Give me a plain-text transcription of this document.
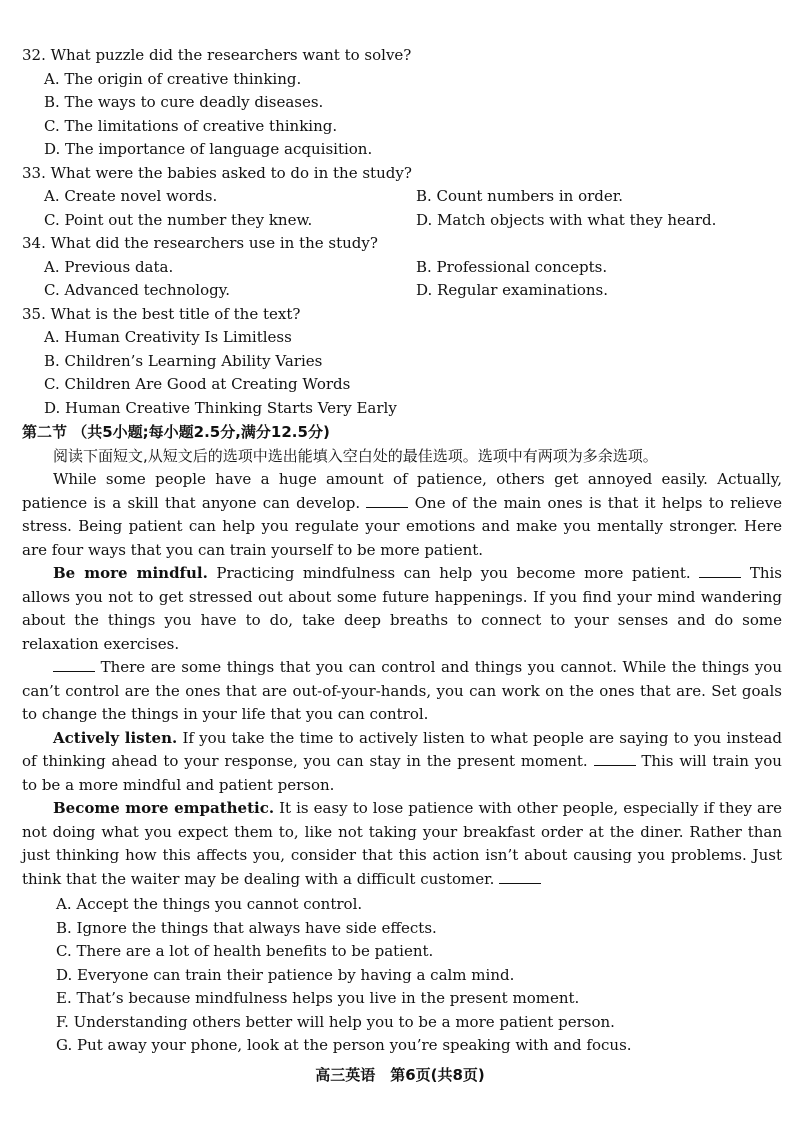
32. What puzzle did the researchers want to solve?
A. The origin of creative thinking.
B. The ways to cure deadly diseases.
C. The limitations of creative thinking.
D. The importance of language acquisition.
33. What were the babies asked to do in the study?
A. Create novel words.	B. Count numbers in order.
C. Point out the number they knew.	D. Match objects with what they heard.
34. What did the researchers use in the study?
A. Previous data.	B. Professional concepts.
C. Advanced technology.	D. Regular examinations.
35. What is the best title of the text?
A. Human Creativity Is Limitless
B. Children’s Learning Ability Varies
C. Children Are Good at Creating Words
D. Human Creative Thinking Starts Very Early
第二节 （共5小题;每小题2.5分,满分12.5分)
阅读下面短文,从短文后的选项中选出能填入空白处的最佳选项。选项中有两项为多余选项。
While some people have a huge amount of patience, others get annoyed easily. Actually, patience is a skill that anyone can develop.	One of the main ones is that it helps to relieve stress. Being patient can help you regulate your emotions and make you mentally stronger. Here are four ways that you can train yourself to be more patient.
Be more mindful. Practicing mindfulness can help you become more patient.	This allows you not to get stressed out about some future happenings. If you find your mind wandering about the things you have to do, take deep breaths to connect to your senses and do some relaxation exercises.
There are some things that you can control and things you cannot. While the things you can’t control are the ones that are out-of-your-hands, you can work on the ones that are. Set goals to change the things in your life that you can control.
Actively listen. If you take the time to actively listen to what people are saying to you instead of thinking ahead to your response, you can stay in the present moment.	This will train you to be a more mindful and patient person.
Become more empathetic. It is easy to lose patience with other people, especially if they are not doing what you expect them to, like not taking your breakfast order at the diner. Rather than just thinking how this affects you, consider that this action isn’t about causing you problems. Just think that the waiter may be dealing with a difficult customer.
A. Accept the things you cannot control.
B. Ignore the things that always have side effects.
C. There are a lot of health benefits to be patient.
D. Everyone can train their patience by having a calm mind.
E. That’s because mindfulness helps you live in the present moment.
F. Understanding others better will help you to be a more patient person.
G. Put away your phone, look at the person you’re speaking with and focus.
高三英语　第6页(共8页)
